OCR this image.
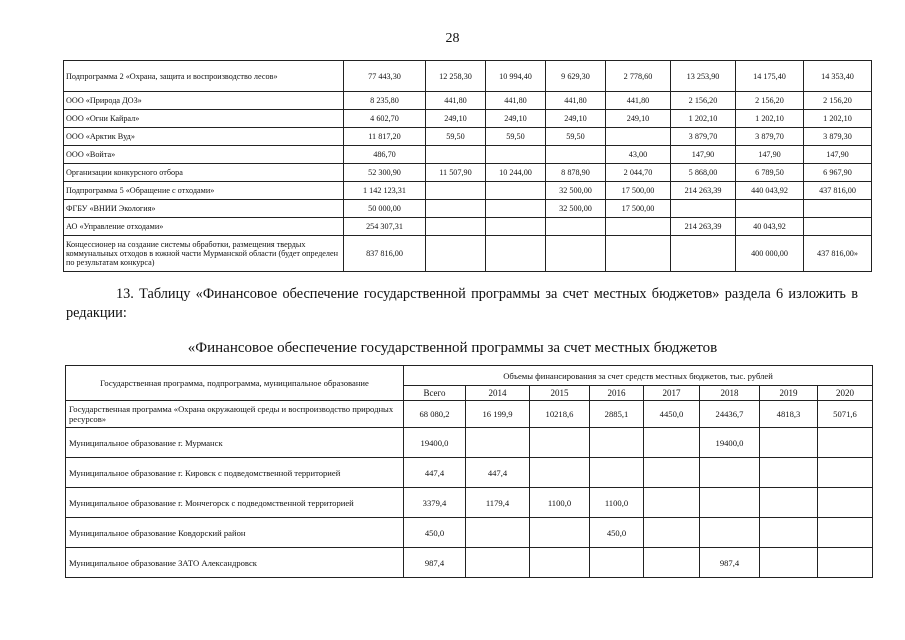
28
Подпрограмма 2 «Охрана, защита и воспроизводство лесов»	77 443,30	12 258,30	10 994,40	9 629,30	2 778,60	13 253,90	14 175,40	14 353,40
ООО «Природа ДОЗ»	8 235,80	441,80	441,80	441,80	441,80	2 156,20	2 156,20	2 156,20
ООО «Огни Кайрал»	4 602,70	249,10	249,10	249,10	249,10	1 202,10	1 202,10	1 202,10
ООО «Арктик Вуд»	11 817,20	59,50	59,50	59,50		3 879,70	3 879,70	3 879,30
ООО «Войта»	486,70				43,00	147,90	147,90	147,90
Организации конкурсного отбора	52 300,90	11 507,90	10 244,00	8 878,90	2 044,70	5 868,00	6 789,50	6 967,90
Подпрограмма 5 «Обращение с отходами»	1 142 123,31			32 500,00	17 500,00	214 263,39	440 043,92	437 816,00
ФГБУ «ВНИИ Экология»	50 000,00			32 500,00	17 500,00			
АО «Управление отходами»	254 307,31					214 263,39	40 043,92	
Концессионер на создание системы обработки, размещения твердых коммунальных отходов в южной части Мурманской области (будет определен по результатам конкурса)	837 816,00						400 000,00	437 816,00»
13. Таблицу «Финансовое обеспечение государственной программы за счет местных бюджетов» раздела 6 изложить в редакции:
«Финансовое обеспечение государственной программы за счет местных бюджетов
Государственная программа, подпрограмма, муниципальное образование	Объемы финансирования за счет средств местных бюджетов, тыс. рублей							
	Всего	2014	2015	2016	2017	2018	2019	2020
Государственная программа «Охрана окружающей среды и воспроизводство природных ресурсов»	68 080,2	16 199,9	10218,6	2885,1	4450,0	24436,7	4818,3	5071,6
Муниципальное образование г. Мурманск	19400,0					19400,0		
Муниципальное образование г. Кировск с подведомственной территорией	447,4	447,4						
Муниципальное образование г. Мончегорск с подведомственной территорией	3379,4	1179,4	1100,0	1100,0				
Муниципальное образование Ковдорский район	450,0			450,0				
Муниципальное образование ЗАТО Александровск	987,4					987,4		
